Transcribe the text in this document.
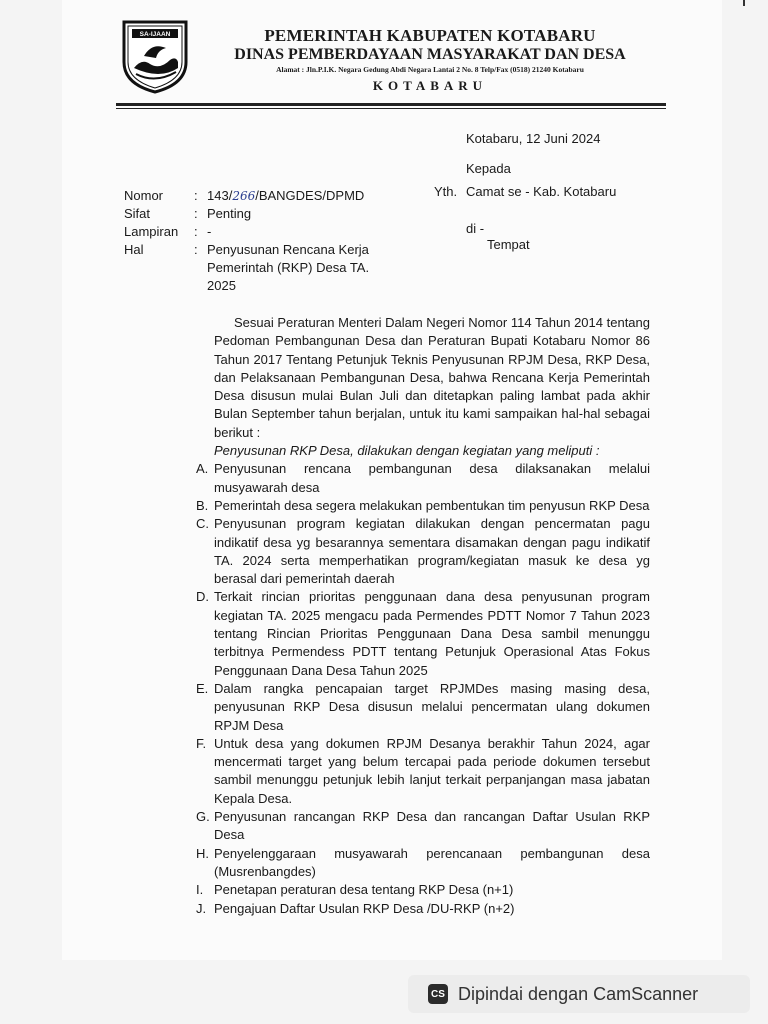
SA-IJAAN	PEMERINTAH KABUPATEN KOTABARU
DINAS PEMBERDAYAAN MASYARAKAT DAN DESA
Alamat : Jln.P.I.K. Negara Gedung Abdi Negara Lantai 2 No. 8 Telp/Fax (0518) 21240 Kotabaru
KOTABARU
Kotabaru, 12 Juni 2024
Kepada
Yth. Camat se - Kab. Kotabaru
di -
Tempat
Nomor	: 143/266/BANGDES/DPMD
Sifat	: Penting
Lampiran	: -
Hal	: Penyusunan Rencana Kerja Pemerintah (RKP) Desa TA. 2025

Sesuai Peraturan Menteri Dalam Negeri Nomor 114 Tahun 2014 tentang Pedoman Pembangunan Desa dan Peraturan Bupati Kotabaru Nomor 86 Tahun 2017 Tentang Petunjuk Teknis Penyusunan RPJM Desa, RKP Desa, dan Pelaksanaan Pembangunan Desa, bahwa Rencana Kerja Pemerintah Desa disusun mulai Bulan Juli dan ditetapkan paling lambat pada akhir Bulan September tahun berjalan, untuk itu kami sampaikan hal-hal sebagai berikut :

Penyusunan RKP Desa, dilakukan dengan kegiatan yang meliputi :

A. Penyusunan rencana pembangunan desa dilaksanakan melalui musyawarah desa
B. Pemerintah desa segera melakukan pembentukan tim penyusun RKP Desa
C. Penyusunan program kegiatan dilakukan dengan pencermatan pagu indikatif desa yg besarannya sementara disamakan dengan pagu indikatif TA. 2024 serta memperhatikan program/kegiatan masuk ke desa yg berasal dari pemerintah daerah
D. Terkait rincian prioritas penggunaan dana desa penyusunan program kegiatan TA. 2025 mengacu pada Permendes PDTT Nomor 7 Tahun 2023 tentang Rincian Prioritas Penggunaan Dana Desa sambil menunggu terbitnya Permendess PDTT tentang Petunjuk Operasional Atas Fokus Penggunaan Dana Desa Tahun 2025
E. Dalam rangka pencapaian target RPJMDes masing masing desa, penyusunan RKP Desa disusun melalui pencermatan ulang dokumen RPJM Desa
F. Untuk desa yang dokumen RPJM Desanya berakhir Tahun 2024, agar mencermati target yang belum tercapai pada periode dokumen tersebut sambil menunggu petunjuk lebih lanjut terkait perpanjangan masa jabatan Kepala Desa.
G. Penyusunan rancangan RKP Desa dan rancangan Daftar Usulan RKP Desa
H. Penyelenggaraan musyawarah perencanaan pembangunan desa (Musrenbangdes)
I. Penetapan peraturan desa tentang RKP Desa (n+1)
J. Pengajuan Daftar Usulan RKP Desa /DU-RKP (n+2)
CS Dipindai dengan CamScanner
